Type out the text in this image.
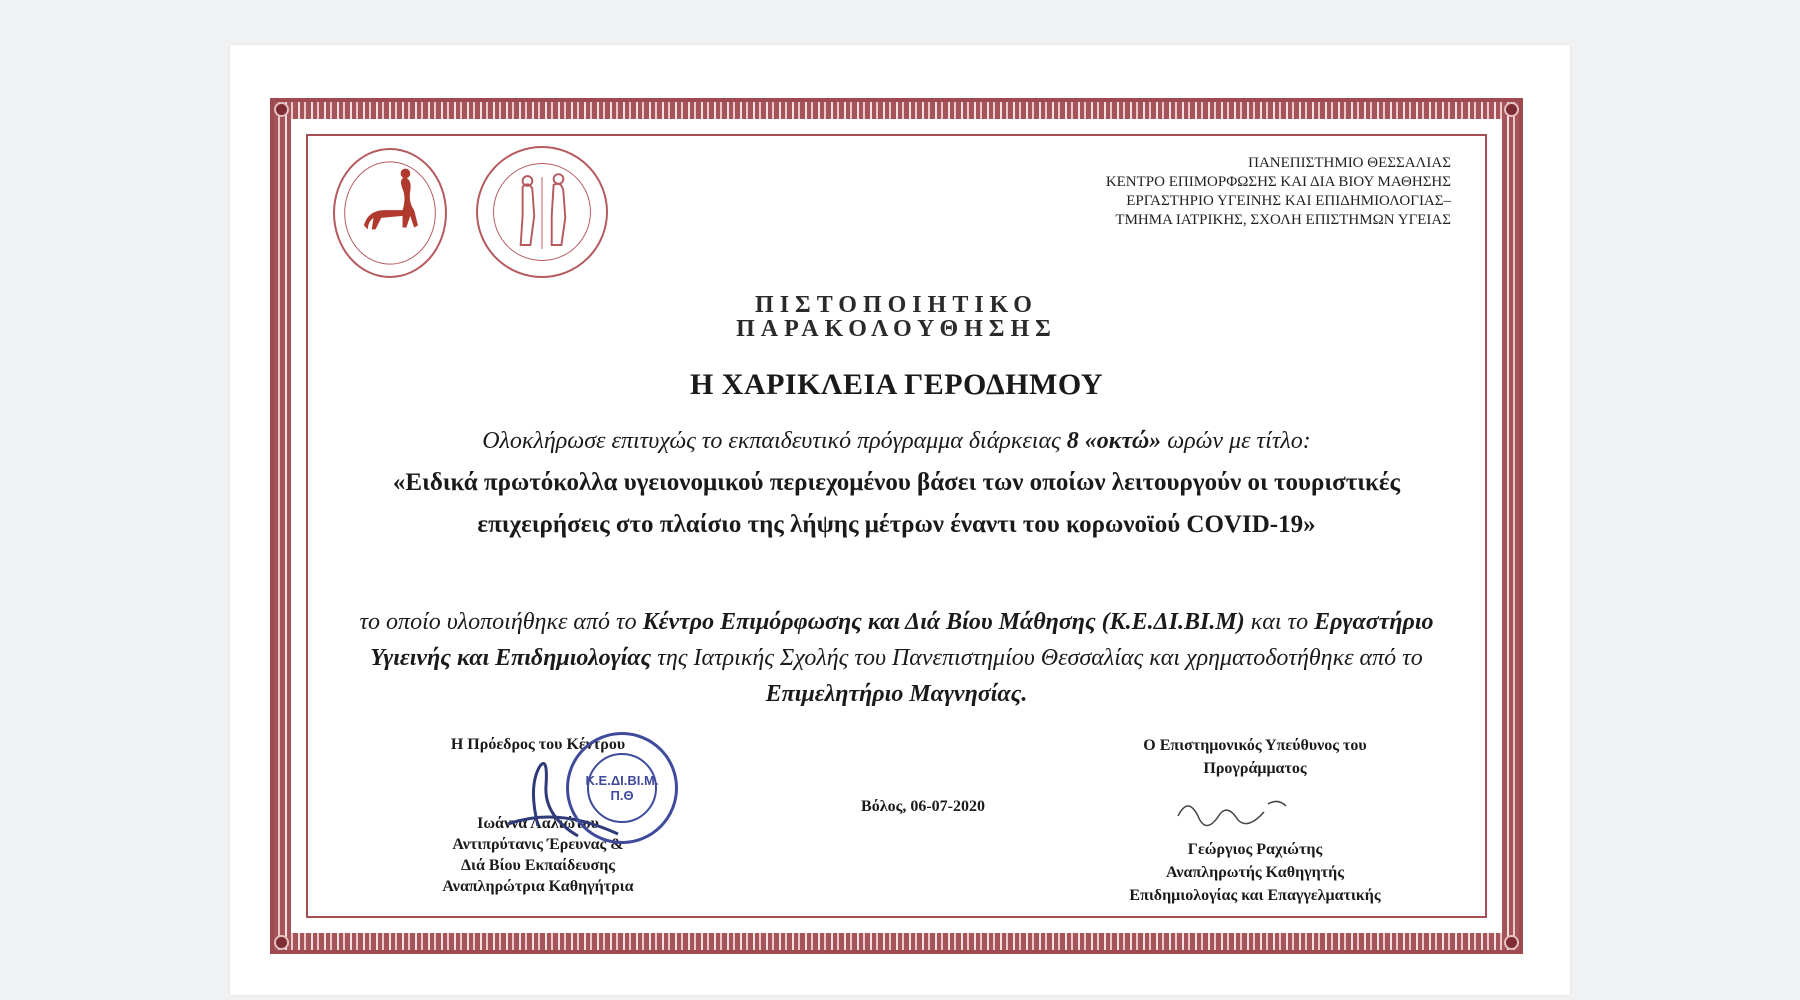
ΠΑΝΕΠΙΣΤΗΜΙΟ ΘΕΣΣΑΛΙΑΣ
ΚΕΝΤΡΟ ΕΠΙΜΟΡΦΩΣΗΣ ΚΑΙ ΔΙΑ ΒΙΟΥ ΜΑΘΗΣΗΣ
ΕΡΓΑΣΤΗΡΙΟ ΥΓΕΙΝΗΣ ΚΑΙ ΕΠΙΔΗΜΙΟΛΟΓΙΑΣ–
ΤΜΗΜΑ ΙΑΤΡΙΚΗΣ, ΣΧΟΛΗ ΕΠΙΣΤΗΜΩΝ ΥΓΕΙΑΣ
ΠΙΣΤΟΠΟΙΗΤΙΚΟ
ΠΑΡΑΚΟΛΟΥΘΗΣΗΣ
Η ΧΑΡΙΚΛΕΙΑ ΓΕΡΟΔΗΜΟΥ
Ολοκλήρωσε επιτυχώς το εκπαιδευτικό πρόγραμμα διάρκειας 8 «οκτώ» ωρών με τίτλο:
«Ειδικά πρωτόκολλα υγειονομικού περιεχομένου βάσει των οποίων λειτουργούν οι τουριστικές επιχειρήσεις στο πλαίσιο της λήψης μέτρων έναντι του κορωνοϊού COVID-19»
το οποίο υλοποιήθηκε από το Κέντρο Επιμόρφωσης και Διά Βίου Μάθησης (Κ.Ε.ΔΙ.ΒΙ.Μ) και το Εργαστήριο Υγιεινής και Επιδημιολογίας της Ιατρικής Σχολής του Πανεπιστημίου Θεσσαλίας και χρηματοδοτήθηκε από το Επιμελητήριο Μαγνησίας.
Η Πρόεδρος του Κέντρου
Ιωάννα Λαλιώτου
Αντιπρύτανις Έρευνας &
Διά Βίου Εκπαίδευσης
Αναπληρώτρια Καθηγήτρια
Κ.Ε.ΔΙ.ΒΙ.Μ.
Π.Θ
Βόλος, 06-07-2020
Ο Επιστημονικός Υπεύθυνος του
Προγράμματος
Γεώργιος Ραχιώτης
Αναπληρωτής Καθηγητής
Επιδημιολογίας και Επαγγελματικής
